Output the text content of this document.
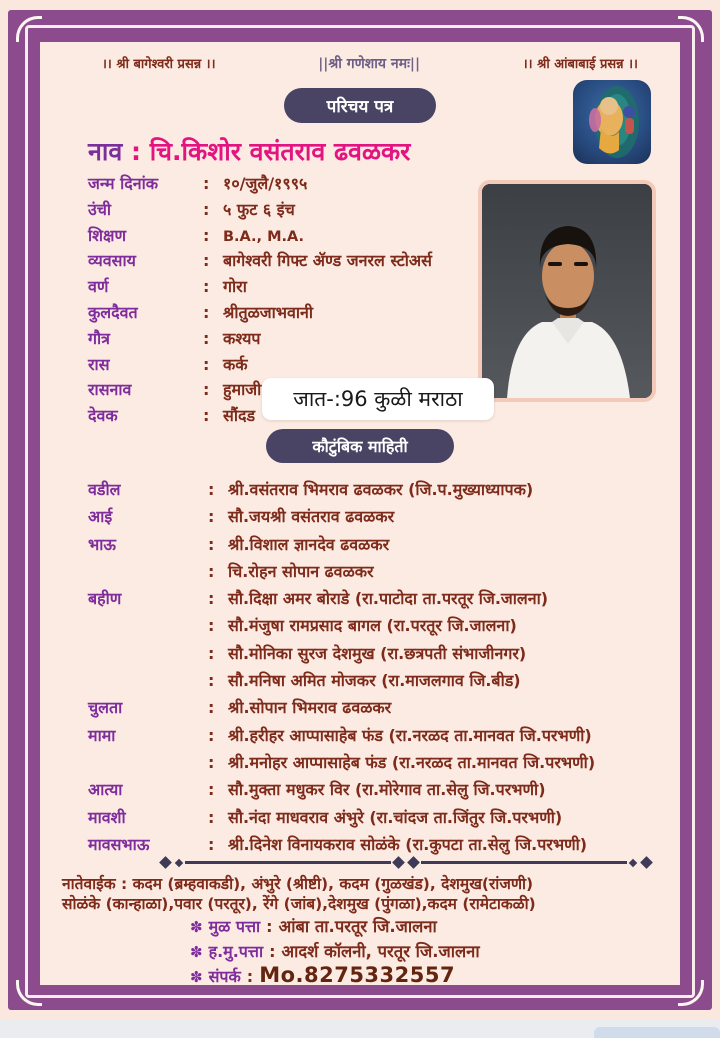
।। श्री बागेश्वरी प्रसन्न ।।	||श्री गणेशाय नमः||	।। श्री आंबाबाई प्रसन्न ।।
नाव : चि.किशोर वसंतराव ढवळकर
परिचय पत्र
जन्म दिनांक	: १०/जुलै/१९९५
उंची	: ५ फुट ६ इंच
शिक्षण	: B.A., M.A.
व्यवसाय	: बागेश्वरी गिफ्ट ॲण्ड जनरल स्टोअर्स
वर्ण	: गोरा
कुलदैवत	: श्रीतुळजाभवानी
गौत्र	: कश्यप
रास	: कर्क
रासनाव	: हुमाजी
देवक	: सौंदड
जात-:96 कुळी मराठा
कौटुंबिक माहिती
वडील	: श्री.वसंतराव भिमराव ढवळकर (जि.प.मुख्याध्यापक)
आई	: सौ.जयश्री वसंतराव ढवळकर
भाऊ	: श्री.विशाल ज्ञानदेव ढवळकर
: चि.रोहन सोपान ढवळकर
बहीण	: सौ.दिक्षा अमर बोराडे (रा.पाटोदा ता.परतूर जि.जालना)
: सौ.मंजुषा रामप्रसाद बागल (रा.परतूर जि.जालना)
: सौ.मोनिका सुरज देशमुख (रा.छत्रपती संभाजीनगर)
: सौ.मनिषा अमित मोजकर (रा.माजलगाव जि.बीड)
चुलता	: श्री.सोपान भिमराव ढवळकर
मामा	: श्री.हरीहर आप्पासाहेब फंड (रा.नरळद ता.मानवत जि.परभणी)
: श्री.मनोहर आप्पासाहेब फंड (रा.नरळद ता.मानवत जि.परभणी)
आत्या	: सौ.मुक्ता मधुकर विर (रा.मोरेगाव ता.सेलु जि.परभणी)
मावशी	: सौ.नंदा माधवराव अंभुरे (रा.चांदज ता.जिंतुर जि.परभणी)
मावसभाऊ	: श्री.दिनेश विनायकराव सोळंके (रा.कुपटा ता.सेलु जि.परभणी)
नातेवाईक : कदम (ब्रम्हवाकडी), अंभुरे (श्रीष्टी), कदम (गुळखंड), देशमुख(रांजणी)
सोळंके (कान्हाळा),पवार (परतूर), रेंगे (जांब),देशमुख (पुंगळा),कदम (रामेटाकळी)
✽ मुळ पत्ता : आंबा ता.परतूर जि.जालना
✽ ह.मु.पत्ता : आदर्श कॉलनी, परतूर जि.जालना
✽ संपर्क : Mo.8275332557
